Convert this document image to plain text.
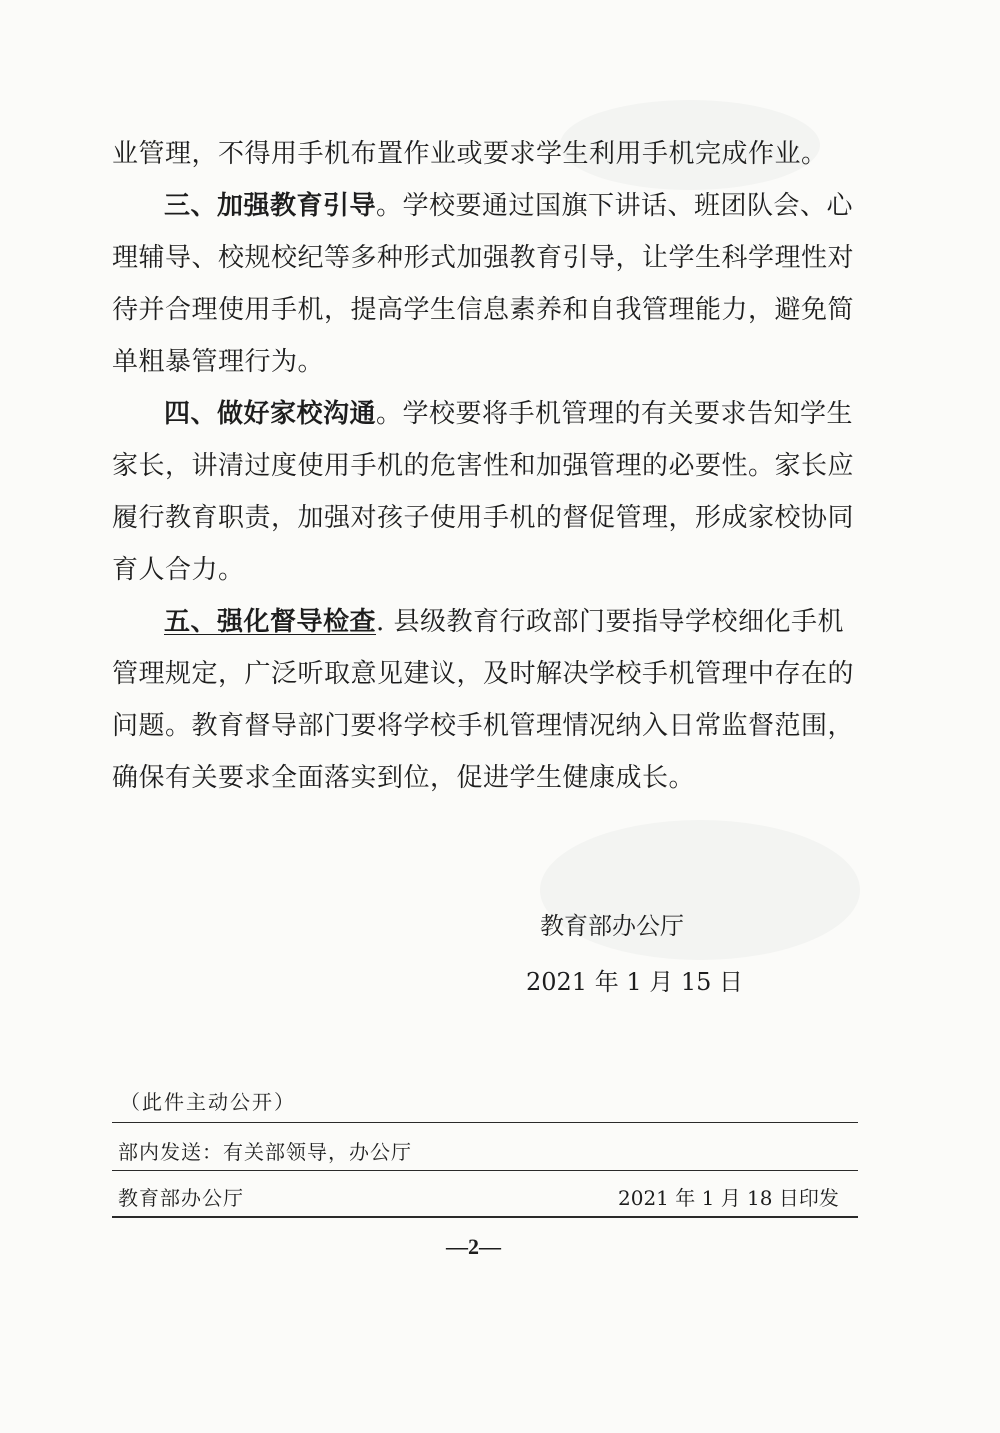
业管理，不得用手机布置作业或要求学生利用手机完成作业。
三、加强教育引导。学校要通过国旗下讲话、班团队会、心
理辅导、校规校纪等多种形式加强教育引导，让学生科学理性对
待并合理使用手机，提高学生信息素养和自我管理能力，避免简
单粗暴管理行为。
四、做好家校沟通。学校要将手机管理的有关要求告知学生
家长，讲清过度使用手机的危害性和加强管理的必要性。家长应
履行教育职责，加强对孩子使用手机的督促管理，形成家校协同
育人合力。
五、强化督导检查. 县级教育行政部门要指导学校细化手机
管理规定，广泛听取意见建议，及时解决学校手机管理中存在的
问题。教育督导部门要将学校手机管理情况纳入日常监督范围，
确保有关要求全面落实到位，促进学生健康成长。
教育部办公厅
2021 年 1 月 15 日
（此件主动公开）
部内发送：有关部领导，办公厅
教育部办公厅	2021 年 1 月 18 日印发
—2—
